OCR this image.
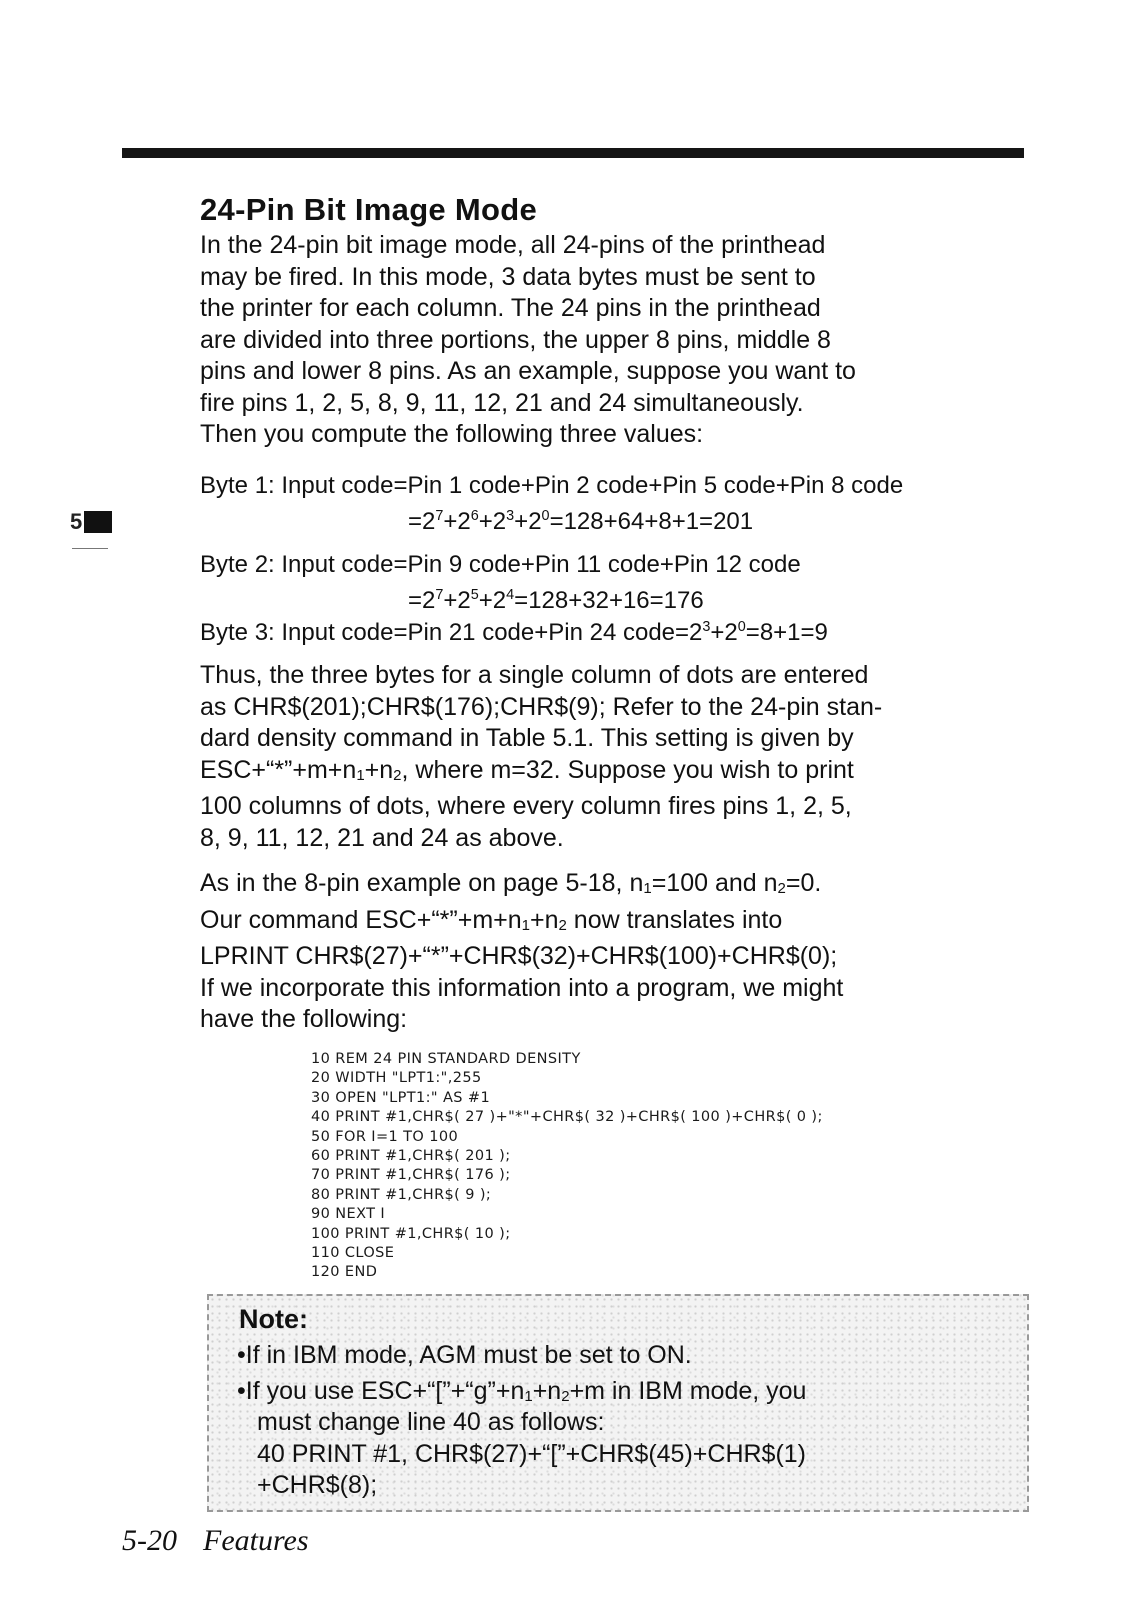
5
24-Pin Bit Image Mode
In the 24-pin bit image mode, all 24-pins of the printhead
may be fired. In this mode, 3 data bytes must be sent to
the printer for each column. The 24 pins in the printhead
are divided into three portions, the upper 8 pins, middle 8
pins and lower 8 pins. As an example, suppose you want to
fire pins 1, 2, 5, 8, 9, 11, 12, 21 and 24 simultaneously.
Then you compute the following three values:
Byte 1: Input code=Pin 1 code+Pin 2 code+Pin 5 code+Pin 8 code
$=2^7+2^6+2^3+2^0=128+64+8+1=201$
Byte 2: Input code=Pin 9 code+Pin 11 code+Pin 12 code
$=2^7+2^5+2^4=128+32+16=176$
Byte 3: Input code=Pin 21 code+Pin 24 $code=2^3+2^0=8+1=9$
Thus, the three bytes for a single column of dots are entered
as CHR$(201);CHR$(176);CHR$(9); Refer to the 24-pin stan-
dard density command in Table 5.1. This setting is given by
$ESC+“*”+m+n_1+n_2$, where m=32. Suppose you wish to print
100 columns of dots, where every column fires pins 1, 2, 5,
8, 9, 11, 12, 21 and 24 as above.
As in the 8-pin example on page 5-18, $n_1=100$ and $n_2=0$.
Our command $ESC+“*”+m+n_1+n_2$ now translates into
LPRINT CHR$(27)+“*”+CHR$(32)+CHR$(100)+CHR$(0);
If we incorporate this information into a program, we might
have the following:
10 REM 24 PIN STANDARD DENSITY
20 WIDTH "LPT1:",255
30 OPEN "LPT1:" AS #1
40 PRINT #1,CHR$( 27 )+"*"+CHR$( 32 )+CHR$( 100 )+CHR$( 0 );
50 FOR I=1 TO 100
60 PRINT #1,CHR$( 201 );
70 PRINT #1,CHR$( 176 );
80 PRINT #1,CHR$( 9 );
90 NEXT I
100 PRINT #1,CHR$( 10 );
110 CLOSE
120 END
Note:
•If in IBM mode, AGM must be set to ON.
•If you use $ESC+“[”+“g”+n_1+n_2+m$ in IBM mode, you
must change line 40 as follows:
40 PRINT #1, CHR$(27)+“[”+CHR$(45)+CHR$(1)
+CHR$(8);
5-20 Features
